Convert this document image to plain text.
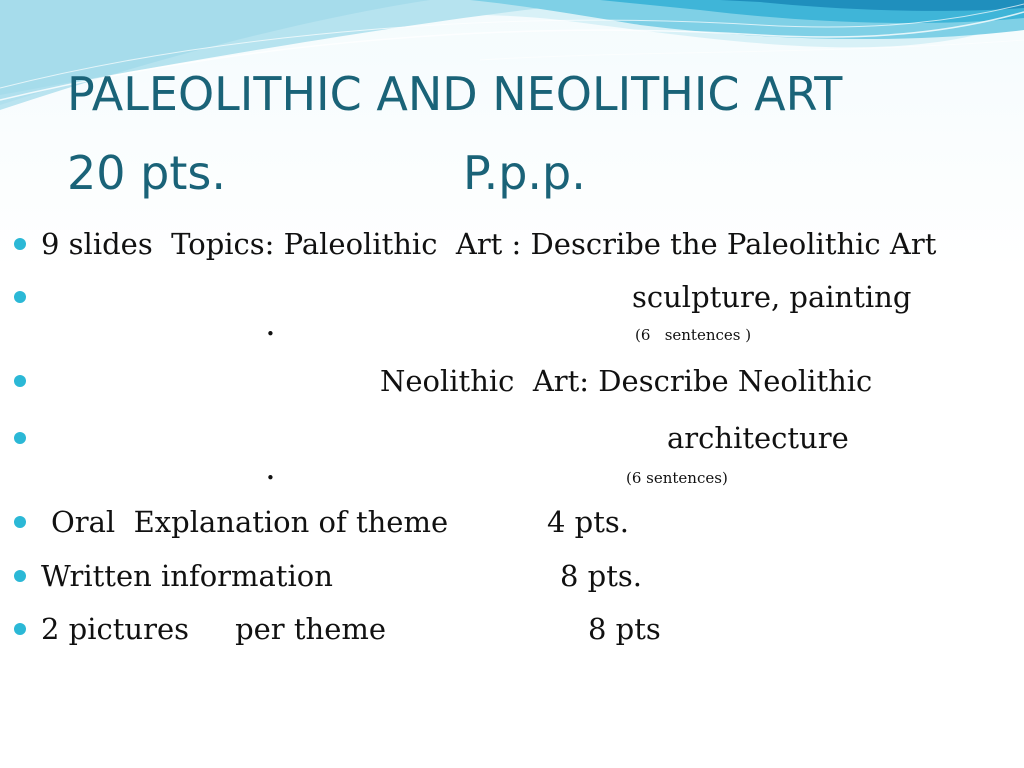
PALEOLITHIC AND NEOLITHIC ART
20 pts.	P.p.p.
9 slides  Topics: Paleolithic  Art : Describe the Paleolithic Art
sculpture, painting
•	(6   sentences )
Neolithic  Art: Describe Neolithic
architecture
•	(6 sentences)
Oral  Explanation of theme	4 pts.
Written information	8 pts.
2 pictures     per theme	8 pts
